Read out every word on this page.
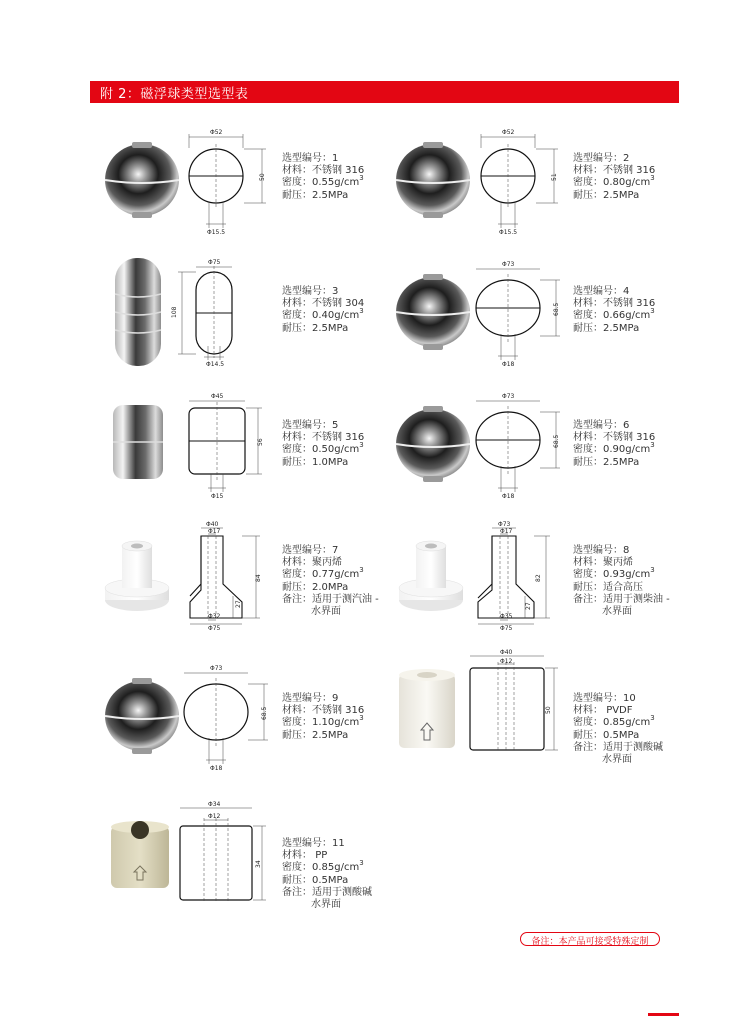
附 2：磁浮球类型选型表
Φ52
50
Φ15.5
选型编号：1
材料：不锈钢 316
密度：$0.55g/cm^3$
耐压：2.5MPa
Φ52
51
Φ15.5
选型编号：2
材料：不锈钢 316
密度：$0.80g/cm^3$
耐压：2.5MPa
Φ75
108
Φ14.5
选型编号：3
材料：不锈钢 304
密度：$0.40g/cm^3$
耐压：2.5MPa
Φ73
68.5
Φ18
选型编号：4
材料：不锈钢 316
密度：$0.66g/cm^3$
耐压：2.5MPa
Φ45
56
Φ15
选型编号：5
材料：不锈钢 316
密度：$0.50g/cm^3$
耐压：1.0MPa
Φ73
68.5
Φ18
选型编号：6
材料：不锈钢 316
密度：$0.90g/cm^3$
耐压：2.5MPa
Φ40
Φ17
84
27
Φ32
Φ75
选型编号：7
材料：聚丙烯
密度：$0.77g/cm^3$
耐压：2.0MPa
备注：适用于测汽油 -
水界面
Φ73
Φ17
82
27
Φ35
Φ75
选型编号：8
材料：聚丙烯
密度：$0.93g/cm^3$
耐压：适合高压
备注：适用于测柴油 -
水界面
Φ73
68.5
Φ18
选型编号：9
材料：不锈钢 316
密度：$1.10g/cm^3$
耐压：2.5MPa
Φ40
Φ12
50
选型编号：10
材料： PVDF
密度：$0.85g/cm^3$
耐压：0.5MPa
备注：适用于测酸碱
水界面
Φ34
Φ12
34
选型编号：11
材料： PP
密度：$0.85g/cm^3$
耐压：0.5MPa
备注：适用于测酸碱
水界面
备注：本产品可接受特殊定制
